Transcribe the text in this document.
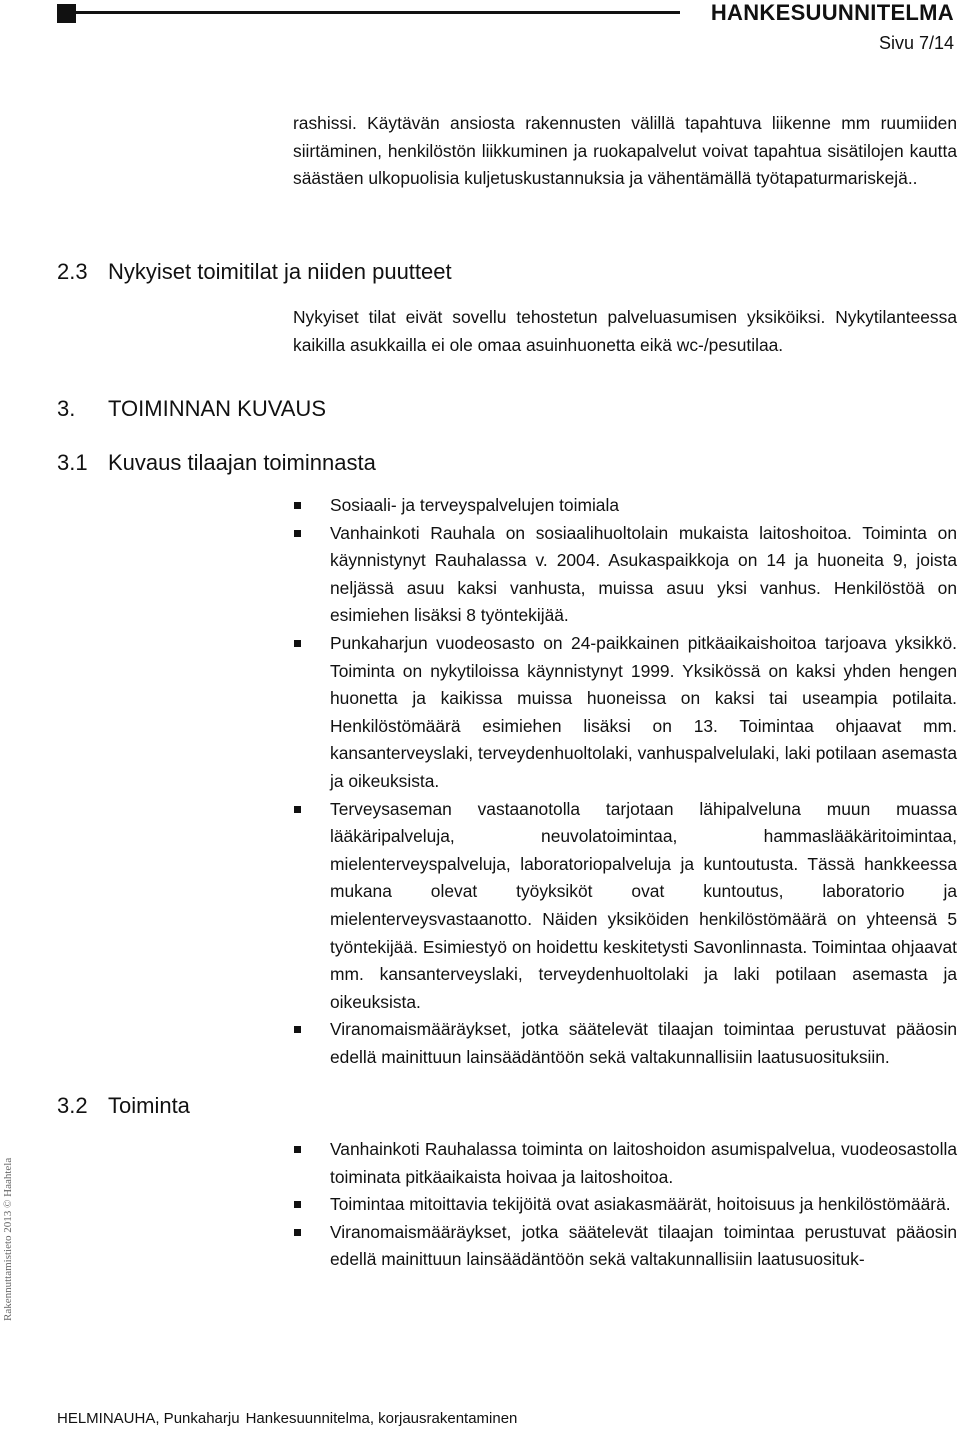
HANKESUUNNITELMA
Sivu 7/14

rashissi. Käytävän ansiosta rakennusten välillä tapahtuva liikenne mm ruumiiden siirtäminen, henkilöstön liikkuminen ja ruokapalvelut voivat tapahtua sisätilojen kautta säästäen ulkopuolisia kuljetuskustannuksia ja vähentämällä työtapaturmariskejä..

2.3 Nykyiset toimitilat ja niiden puutteet

Nykyiset tilat eivät sovellu tehostetun palveluasumisen yksiköiksi. Nykytilanteessa kaikilla asukkailla ei ole omaa asuinhuonetta eikä wc-/pesutilaa.

3. TOIMINNAN KUVAUS
3.1 Kuvaus tilaajan toiminnasta
Sosiaali- ja terveyspalvelujen toimiala
Vanhainkoti Rauhala on sosiaalihuoltolain mukaista laitoshoitoa. Toiminta on käynnistynyt Rauhalassa v. 2004. Asukaspaikkoja on 14 ja huoneita 9, joista neljässä asuu kaksi vanhusta, muissa asuu yksi vanhus. Henkilöstöä on esimiehen lisäksi 8 työntekijää.
Punkaharjun vuodeosasto on 24-paikkainen pitkäaikaishoitoa tarjoava yksikkö. Toiminta on nykytiloissa käynnistynyt 1999. Yksikössä on kaksi yhden hengen huonetta ja kaikissa muissa huoneissa on kaksi tai useampia potilaita. Henkilöstömäärä esimiehen lisäksi on 13. Toimintaa ohjaavat mm. kansanterveyslaki, terveydenhuoltolaki, vanhuspalvelulaki, laki potilaan asemasta ja oikeuksista.
Terveysaseman vastaanotolla tarjotaan lähipalveluna muun muassa lääkäripalveluja, neuvolatoimintaa, hammaslääkäritoimintaa, mielenterveyspalveluja, laboratoriopalveluja ja kuntoutusta. Tässä hankkeessa mukana olevat työyksiköt ovat kuntoutus, laboratorio ja mielenterveysvastaanotto. Näiden yksiköiden henkilöstömäärä on yhteensä 5 työntekijää. Esimiestyö on hoidettu keskitetysti Savonlinnasta. Toimintaa ohjaavat mm. kansanterveyslaki, terveydenhuoltolaki ja laki potilaan asemasta ja oikeuksista.
Viranomaismääräykset, jotka säätelevät tilaajan toimintaa perustuvat pääosin edellä mainittuun lainsäädäntöön sekä valtakunnallisiin laatusuosituksiin.
3.2 Toiminta
Vanhainkoti Rauhalassa toiminta on laitoshoidon asumispalvelua, vuodeosastolla toiminata pitkäaikaista hoivaa ja laitoshoitoa.
Toimintaa mitoittavia tekijöitä ovat asiakasmäärät, hoitoisuus ja henkilöstömäärä.
Viranomaismääräykset, jotka säätelevät tilaajan toimintaa perustuvat pääosin edellä mainittuun lainsäädäntöön sekä valtakunnallisiin laatusuosituk-
Rakennuttamistieto 2013 © Haahtela
HELMINAUHA, Punkaharju Hankesuunnitelma, korjausrakentaminen
